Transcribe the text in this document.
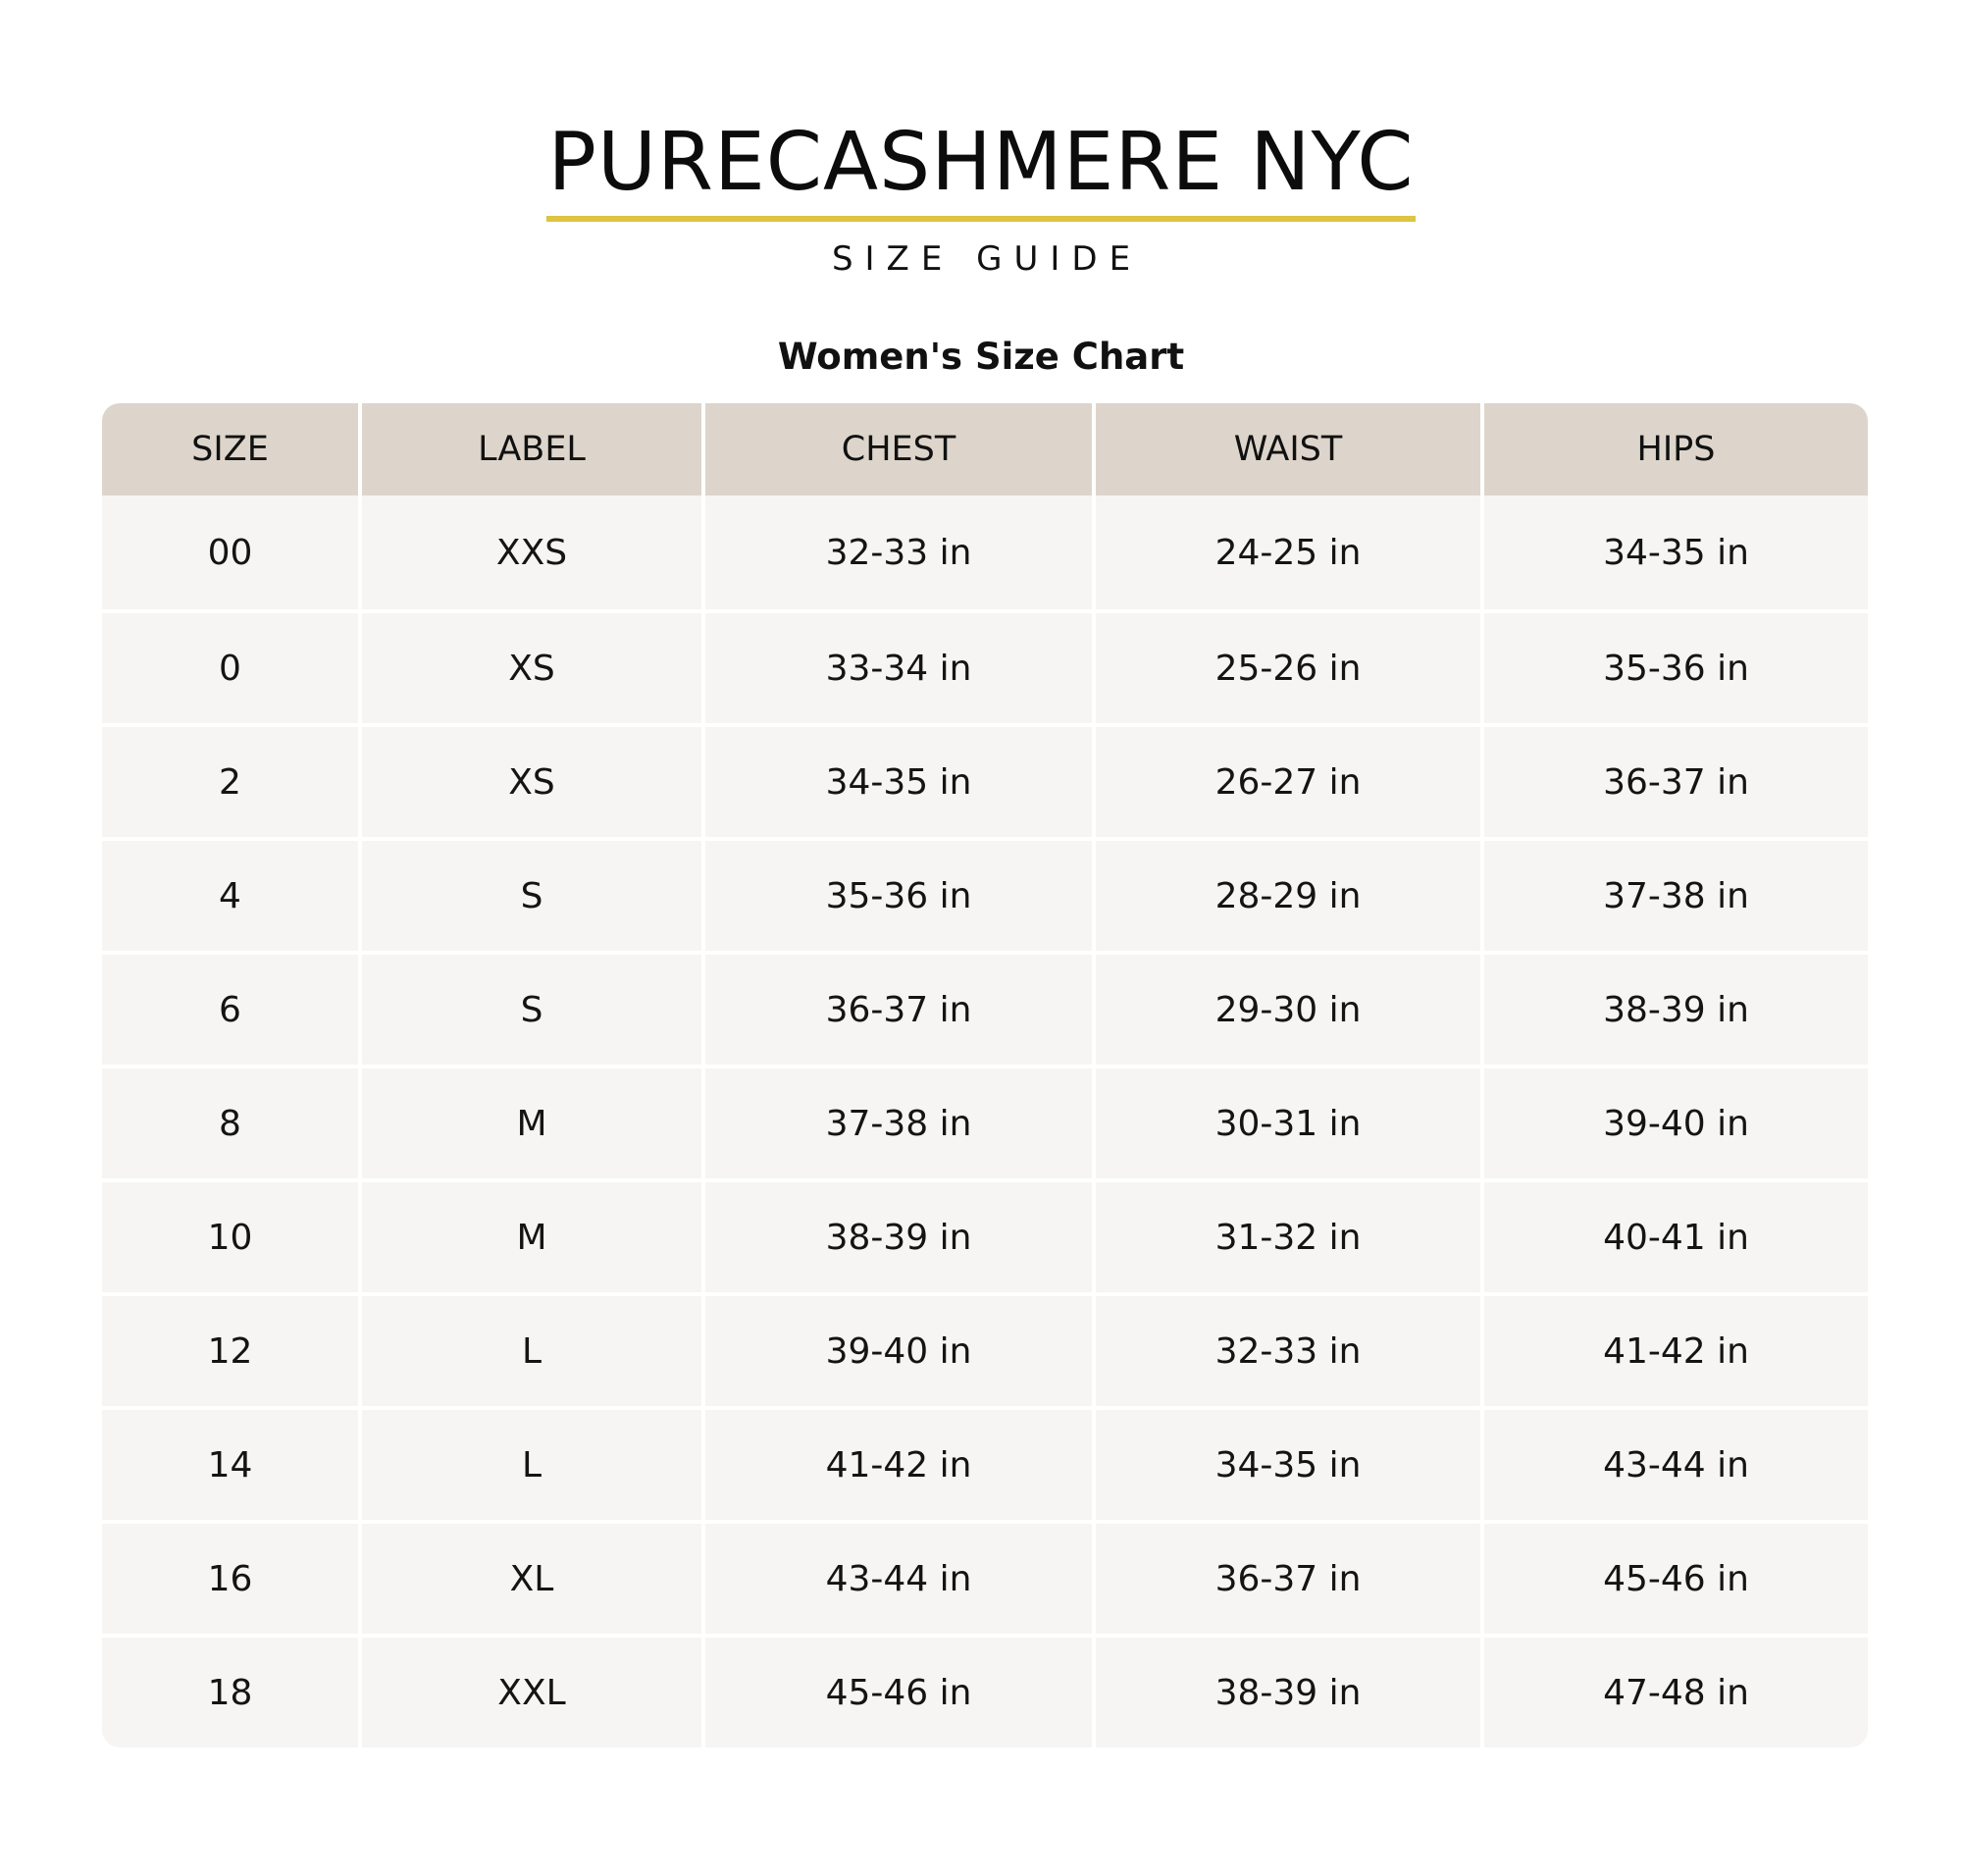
PURECASHMERE NYC
SIZE GUIDE
Women's Size Chart
SIZE	LABEL	CHEST	WAIST	HIPS
00	XXS	32-33 in	24-25 in	34-35 in
0	XS	33-34 in	25-26 in	35-36 in
2	XS	34-35 in	26-27 in	36-37 in
4	S	35-36 in	28-29 in	37-38 in
6	S	36-37 in	29-30 in	38-39 in
8	M	37-38 in	30-31 in	39-40 in
10	M	38-39 in	31-32 in	40-41 in
12	L	39-40 in	32-33 in	41-42 in
14	L	41-42 in	34-35 in	43-44 in
16	XL	43-44 in	36-37 in	45-46 in
18	XXL	45-46 in	38-39 in	47-48 in
